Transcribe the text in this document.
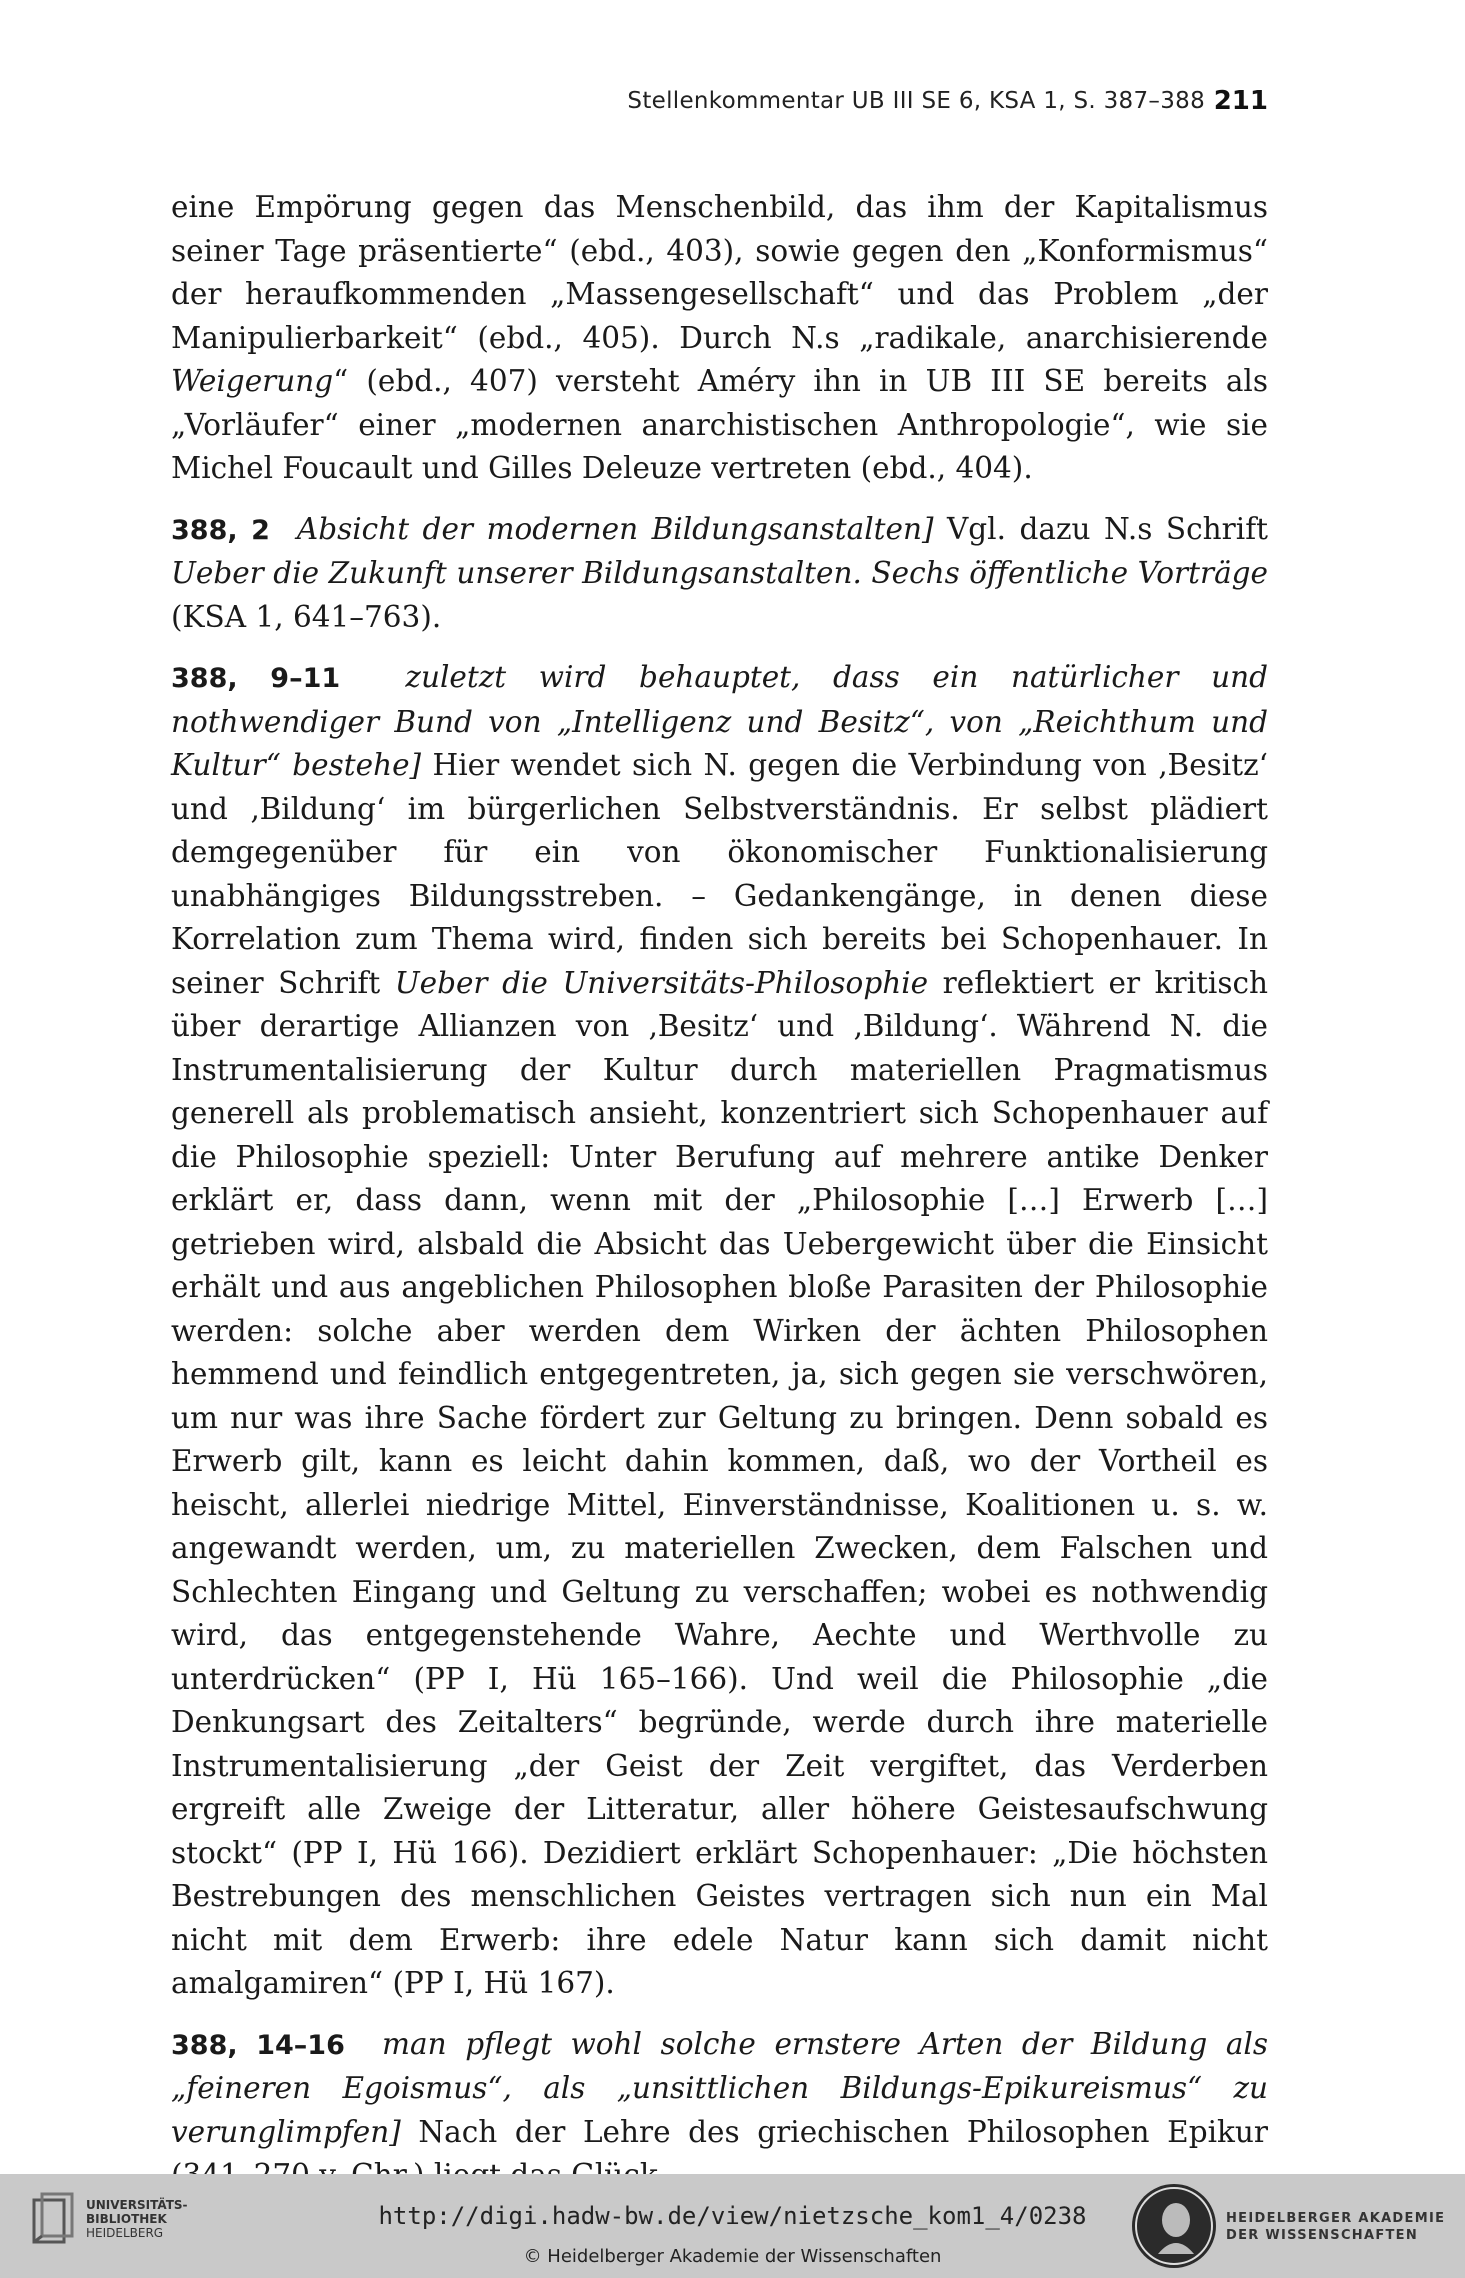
Stellenkommentar UB III SE 6, KSA 1, S. 387–388 211

eine Empörung gegen das Menschenbild, das ihm der Kapitalismus seiner Tage präsentierte“ (ebd., 403), sowie gegen den „Konformismus“ der heraufkommenden „Massengesellschaft“ und das Problem „der Manipulierbarkeit“ (ebd., 405). Durch N.s „radikale, anarchisierende Weigerung“ (ebd., 407) versteht Améry ihn in UB III SE bereits als „Vorläufer“ einer „modernen anarchistischen Anthropologie“, wie sie Michel Foucault und Gilles Deleuze vertreten (ebd., 404).

388, 2 Absicht der modernen Bildungsanstalten] Vgl. dazu N.s Schrift Ueber die Zukunft unserer Bildungsanstalten. Sechs öffentliche Vorträge (KSA 1, 641–763).

388, 9–11 zuletzt wird behauptet, dass ein natürlicher und nothwendiger Bund von „Intelligenz und Besitz“, von „Reichthum und Kultur“ bestehe] Hier wendet sich N. gegen die Verbindung von ‚Besitz‘ und ‚Bildung‘ im bürgerlichen Selbstverständnis. Er selbst plädiert demgegenüber für ein von ökonomischer Funktionalisierung unabhängiges Bildungsstreben. – Gedankengänge, in denen diese Korrelation zum Thema wird, finden sich bereits bei Schopenhauer. In seiner Schrift Ueber die Universitäts-Philosophie reflektiert er kritisch über derartige Allianzen von ‚Besitz‘ und ‚Bildung‘. Während N. die Instrumentalisierung der Kultur durch materiellen Pragmatismus generell als problematisch ansieht, konzentriert sich Schopenhauer auf die Philosophie speziell: Unter Berufung auf mehrere antike Denker erklärt er, dass dann, wenn mit der „Philosophie […] Erwerb […] getrieben wird, alsbald die Absicht das Uebergewicht über die Einsicht erhält und aus angeblichen Philosophen bloße Parasiten der Philosophie werden: solche aber werden dem Wirken der ächten Philosophen hemmend und feindlich entgegentreten, ja, sich gegen sie verschwören, um nur was ihre Sache fördert zur Geltung zu bringen. Denn sobald es Erwerb gilt, kann es leicht dahin kommen, daß, wo der Vortheil es heischt, allerlei niedrige Mittel, Einverständnisse, Koalitionen u. s. w. angewandt werden, um, zu materiellen Zwecken, dem Falschen und Schlechten Eingang und Geltung zu verschaffen; wobei es nothwendig wird, das entgegenstehende Wahre, Aechte und Werthvolle zu unterdrücken“ (PP I, Hü 165–166). Und weil die Philosophie „die Denkungsart des Zeitalters“ begründe, werde durch ihre materielle Instrumentalisierung „der Geist der Zeit vergiftet, das Verderben ergreift alle Zweige der Litteratur, aller höhere Geistesaufschwung stockt“ (PP I, Hü 166). Dezidiert erklärt Schopenhauer: „Die höchsten Bestrebungen des menschlichen Geistes vertragen sich nun ein Mal nicht mit dem Erwerb: ihre edele Natur kann sich damit nicht amalgamiren“ (PP I, Hü 167).

388, 14–16 man pflegt wohl solche ernstere Arten der Bildung als „feineren Egoismus“, als „unsittlichen Bildungs-Epikureismus“ zu verunglimpfen] Nach der Lehre des griechischen Philosophen Epikur

UNIVERSITÄTS-
BIBLIOTHEK
HEIDELBERG
http://digi.hadw-bw.de/view/nietzsche_kom1_4/0238
© Heidelberger Akademie der Wissenschaften
HEIDELBERGER AKADEMIE
DER WISSENSCHAFTEN
